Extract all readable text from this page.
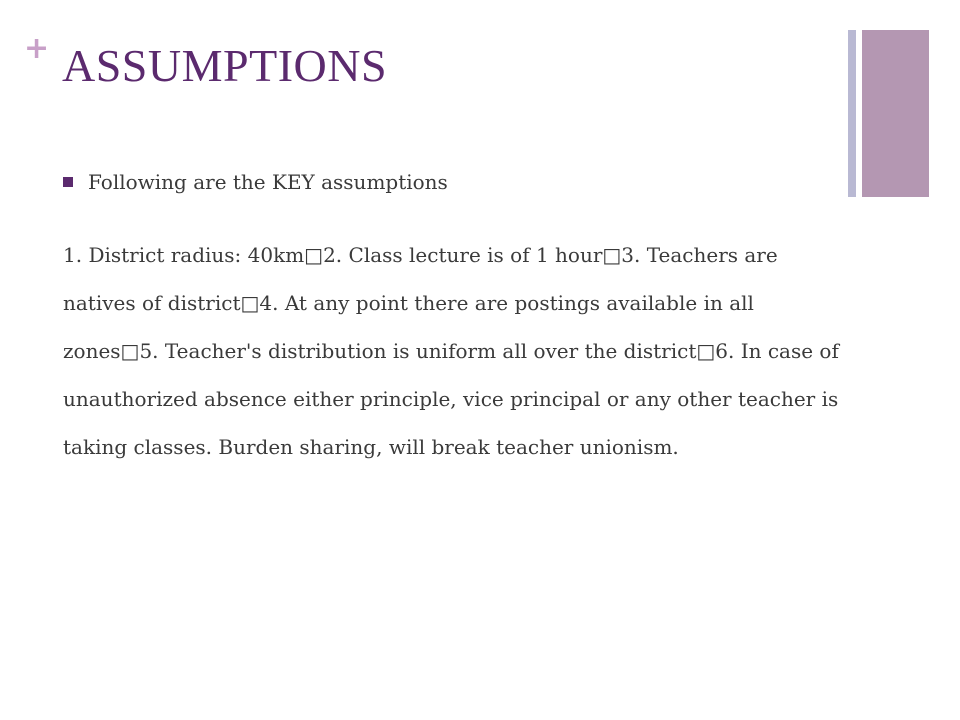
+ ASSUMPTIONS
Following are the KEY assumptions

1. District radius: 40km□2. Class lecture is of 1 hour□3. Teachers are natives of district□4. At any point there are postings available in all zones□5. Teacher's distribution is uniform all over the district□6. In case of unauthorized absence either principle, vice principal or any other teacher is taking classes. Burden sharing, will break teacher unionism.
